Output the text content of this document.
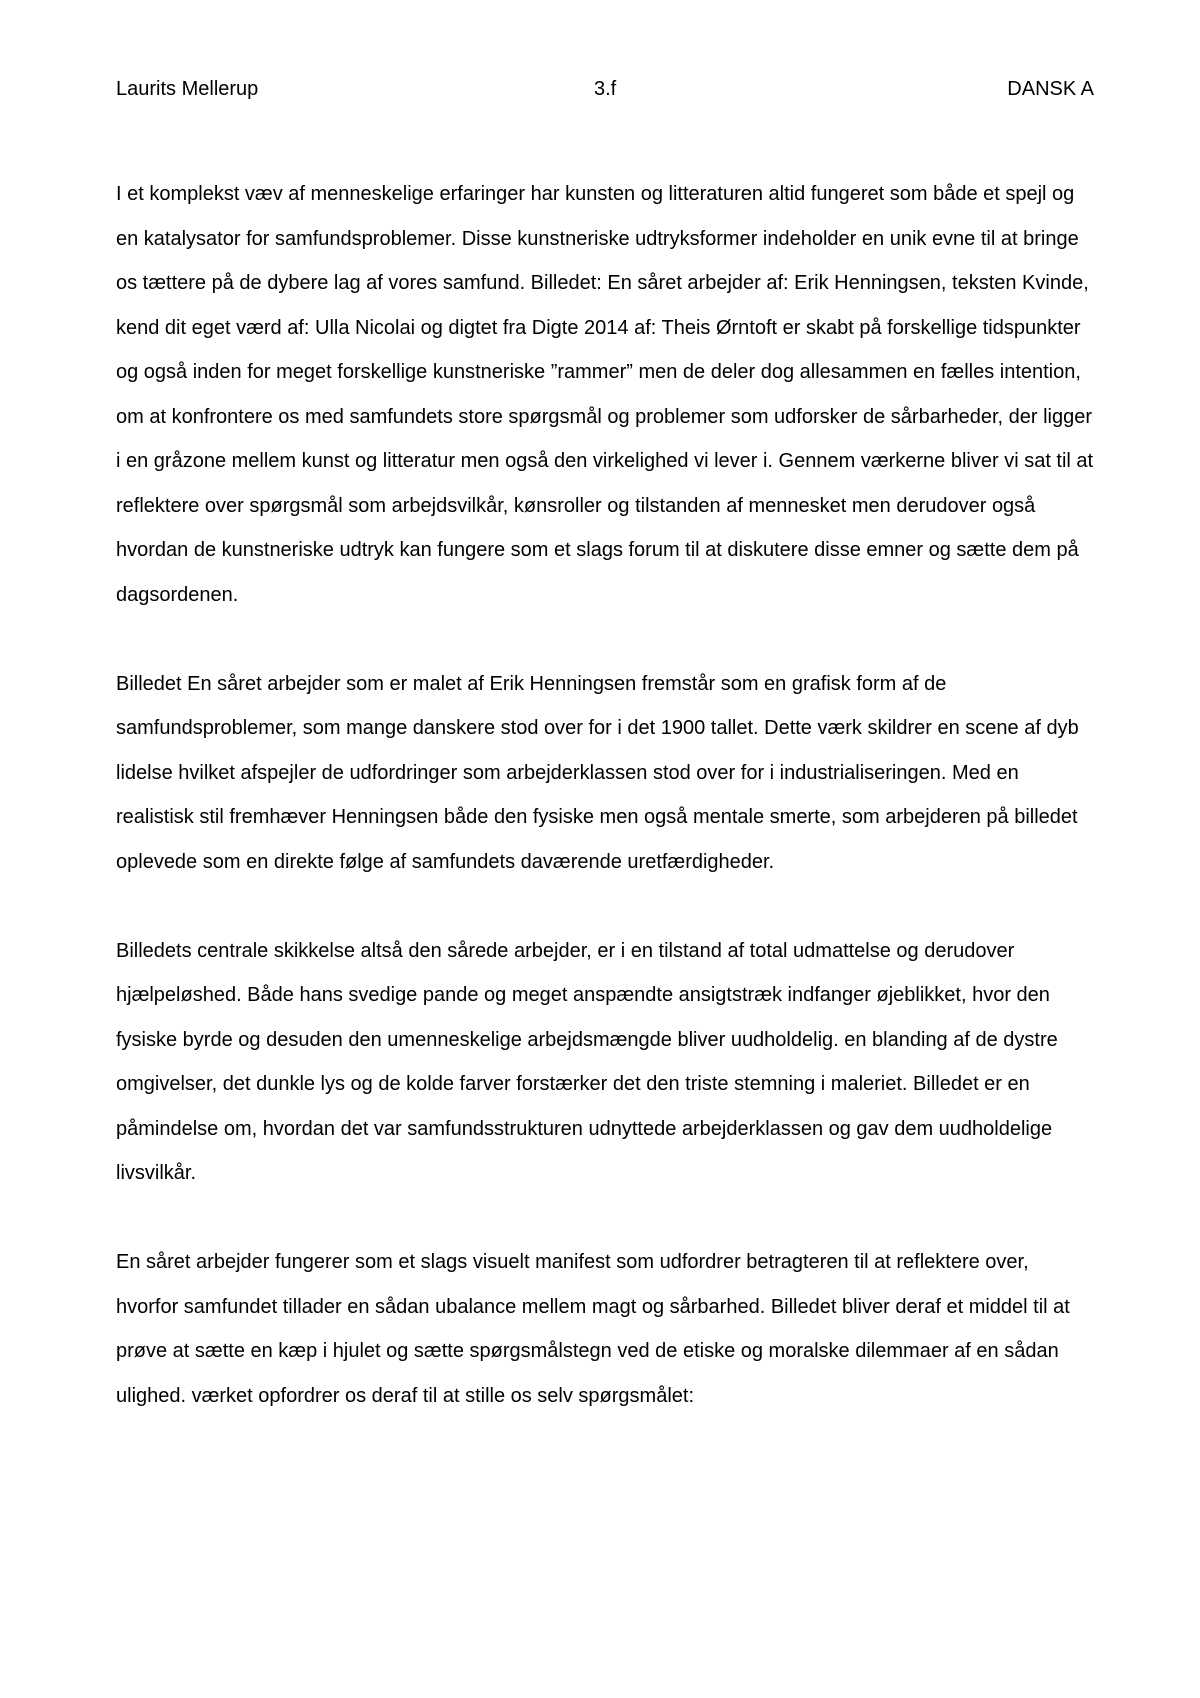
Laurits Mellerup	3.f	DANSK A

I et komplekst væv af menneskelige erfaringer har kunsten og litteraturen altid fungeret som både et spejl og en katalysator for samfundsproblemer. Disse kunstneriske udtryksformer indeholder en unik evne til at bringe os tættere på de dybere lag af vores samfund. Billedet: En såret arbejder af: Erik Henningsen, teksten Kvinde, kend dit eget værd af: Ulla Nicolai og digtet fra Digte 2014 af: Theis Ørntoft er skabt på forskellige tidspunkter og også inden for meget forskellige kunstneriske ”rammer” men de deler dog allesammen en fælles intention, om at konfrontere os med samfundets store spørgsmål og problemer som udforsker de sårbarheder, der ligger i en gråzone mellem kunst og litteratur men også den virkelighed vi lever i. Gennem værkerne bliver vi sat til at reflektere over spørgsmål som arbejdsvilkår, kønsroller og tilstanden af mennesket men derudover også hvordan de kunstneriske udtryk kan fungere som et slags forum til at diskutere disse emner og sætte dem på dagsordenen.

Billedet En såret arbejder som er malet af Erik Henningsen fremstår som en grafisk form af de samfundsproblemer, som mange danskere stod over for i det 1900 tallet. Dette værk skildrer en scene af dyb lidelse hvilket afspejler de udfordringer som arbejderklassen stod over for i industrialiseringen. Med en realistisk stil fremhæver Henningsen både den fysiske men også mentale smerte, som arbejderen på billedet oplevede som en direkte følge af samfundets daværende uretfærdigheder.

Billedets centrale skikkelse altså den sårede arbejder, er i en tilstand af total udmattelse og derudover hjælpeløshed. Både hans svedige pande og meget anspændte ansigtstræk indfanger øjeblikket, hvor den fysiske byrde og desuden den umenneskelige arbejdsmængde bliver uudholdelig. en blanding af de dystre omgivelser, det dunkle lys og de kolde farver forstærker det den triste stemning i maleriet. Billedet er en påmindelse om, hvordan det var samfundsstrukturen udnyttede arbejderklassen og gav dem uudholdelige livsvilkår.

En såret arbejder fungerer som et slags visuelt manifest som udfordrer betragteren til at reflektere over, hvorfor samfundet tillader en sådan ubalance mellem magt og sårbarhed. Billedet bliver deraf et middel til at prøve at sætte en kæp i hjulet og sætte spørgsmålstegn ved de etiske og moralske dilemmaer af en sådan ulighed. værket opfordrer os deraf til at stille os selv spørgsmålet:
